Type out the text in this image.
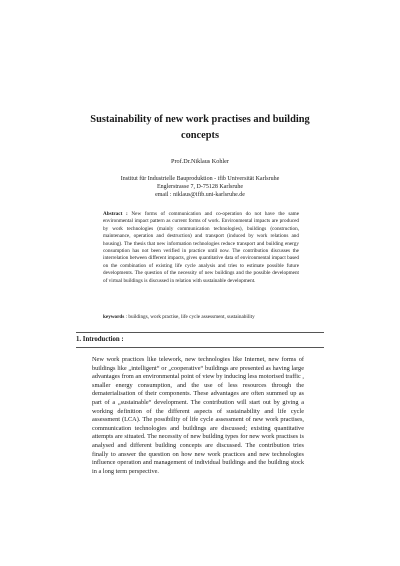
Sustainability of new work practises and building concepts
Prof.Dr.Niklaus Kohler
Institut für Industrielle Bauproduktion - ifib Universität Karlsruhe
Englerstrasse 7, D-75128 Karlsruhe
email : niklaus@ifib.uni-karlsruhe.de
Abstract : New forms of communication and co-operation do not have the same environmental impact pattern as current forms of work. Environmental impacts are produced by work technologies (mainly communication technologies), buildings (construction, maintenance, operation and destruction) and transport (induced by work relations and housing). The thesis that new information technologies reduce transport and building energy consumption has not been verified in practice until now. The contribution discusses the interrelation between different impacts, gives quantitative data of environmental impact based on the combination of existing life cycle analysis and tries to estimate possible future developments. The question of the necessity of new buildings and the possible development of virtual buildings is discussed in relation with sustainable development.
keywords : buildings, work practise, life cycle assessment, sustainability
1. Introduction :

New work practices like telework, new technologies like Internet, new forms of buildings like „intelligent“ or „cooperative“ buildings are presented as having large advantages from an environmental point of view by inducing less motorised traffic , smaller energy consumption, and the use of less resources through the dematerialisation of their components. These advantages are often summed up as part of a „sustainable“ development. The contribution will start out by giving a working definition of the different aspects of sustainability and life cycle assessment (LCA). The possibility of life cycle assessment of new work practises, communication technologies and buildings are discussed; existing quantitative attempts are situated. The necessity of new building types for new work practises is analysed and different building concepts are discussed. The contribution tries finally to answer the question on how new work practices and new technologies influence operation and management of individual buildings and the building stock in a long term perspective.
